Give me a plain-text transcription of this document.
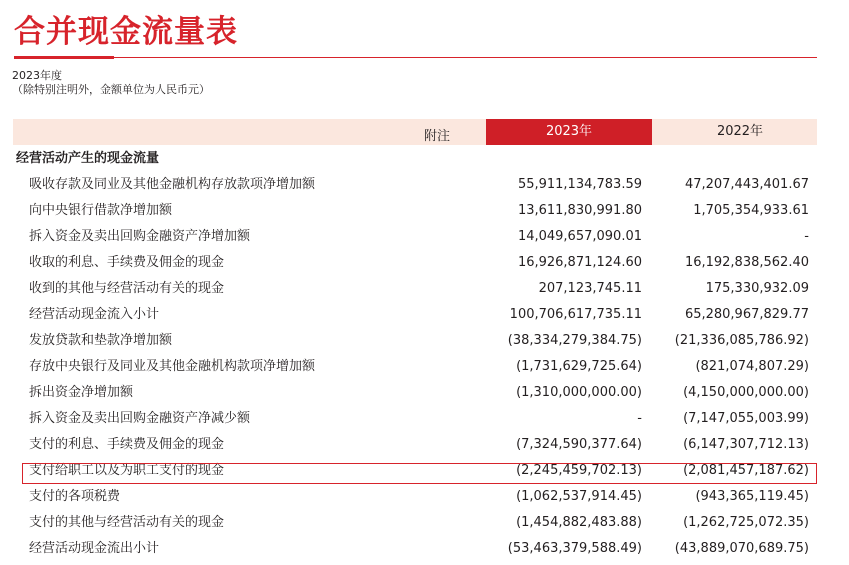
合并现金流量表
2023年度
（除特别注明外，金额单位为人民币元）
附注	2023年	2022年
经营活动产生的现金流量
吸收存款及同业及其他金融机构存放款项净增加额	55,911,134,783.59	47,207,443,401.67
向中央银行借款净增加额	13,611,830,991.80	1,705,354,933.61
拆入资金及卖出回购金融资产净增加额	14,049,657,090.01	-
收取的利息、手续费及佣金的现金	16,926,871,124.60	16,192,838,562.40
收到的其他与经营活动有关的现金	207,123,745.11	175,330,932.09
经营活动现金流入小计	100,706,617,735.11	65,280,967,829.77
发放贷款和垫款净增加额	(38,334,279,384.75)	(21,336,085,786.92)
存放中央银行及同业及其他金融机构款项净增加额	(1,731,629,725.64)	(821,074,807.29)
拆出资金净增加额	(1,310,000,000.00)	(4,150,000,000.00)
拆入资金及卖出回购金融资产净减少额	-	(7,147,055,003.99)
支付的利息、手续费及佣金的现金	(7,324,590,377.64)	(6,147,307,712.13)
支付给职工以及为职工支付的现金	(2,245,459,702.13)	(2,081,457,187.62)
支付的各项税费	(1,062,537,914.45)	(943,365,119.45)
支付的其他与经营活动有关的现金	(1,454,882,483.88)	(1,262,725,072.35)
经营活动现金流出小计	(53,463,379,588.49)	(43,889,070,689.75)
